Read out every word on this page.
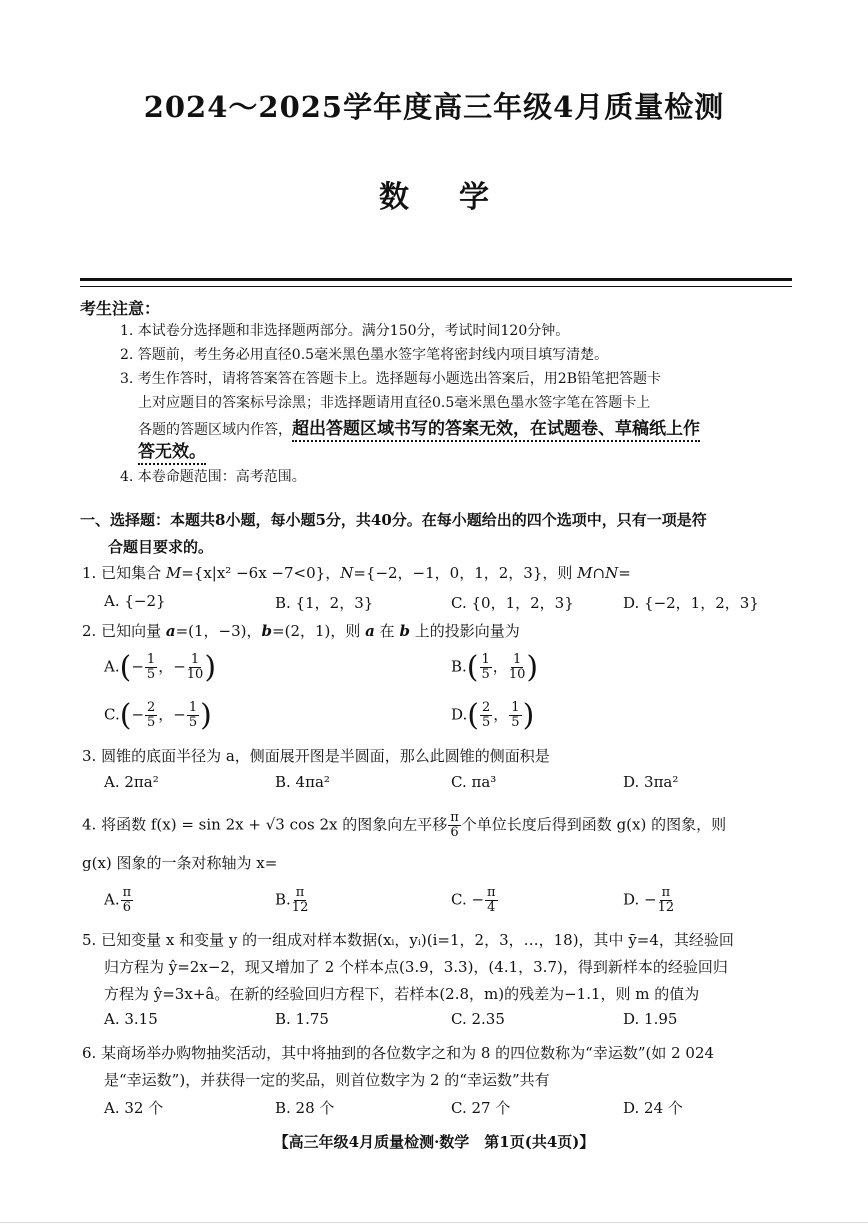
2024～2025学年度高三年级4月质量检测
数学
考生注意：
1. 本试卷分选择题和非选择题两部分。满分150分，考试时间120分钟。
2. 答题前，考生务必用直径0.5毫米黑色墨水签字笔将密封线内项目填写清楚。
3. 考生作答时，请将答案答在答题卡上。选择题每小题选出答案后，用2B铅笔把答题卡
上对应题目的答案标号涂黑；非选择题请用直径0.5毫米黑色墨水签字笔在答题卡上
各题的答题区域内作答，超出答题区域书写的答案无效，在试题卷、草稿纸上作
答无效。
4. 本卷命题范围：高考范围。
一、选择题：本题共8小题，每小题5分，共40分。在每小题给出的四个选项中，只有一项是符
合题目要求的。
1. 已知集合 M={x|x² −6x −7<0}，N={−2，−1，0，1，2，3}，则 M∩N=
A. {−2}	B. {1，2，3}	C. {0，1，2，3}	D. {−2，1，2，3}
2. 已知向量 a=(1，−3)，b=(2，1)，则 a 在 b 上的投影向量为
$A.(- \frac{1}{5}$ ，− $\frac{1}{10}$ )	$B.( \frac{1}{5}$ ， $\frac{1}{10}$ )
$C.(- \frac{2}{5}$ ，− $\frac{1}{5}$ )	$D.( \frac{2}{5}$ ， $\frac{1}{5}$ )
3. 圆锥的底面半径为 a，侧面展开图是半圆面，那么此圆锥的侧面积是
A. 2πa²	B. 4πa²	C. πa³	D. 3πa²
4. 将函数 f(x) = sin 2x + √3 cos 2x 的图象向左平移 $\frac{\pi}{6}$ 个单位长度后得到函数 g(x) 的图象，则
g(x) 图象的一条对称轴为 x=
A. $\frac{\pi}{6}$	B. $\frac{\pi}{12}$	C. − $\frac{\pi}{4}$	D. − $\frac{\pi}{12}$
5. 已知变量 x 和变量 y 的一组成对样本数据(xᵢ，yᵢ)(i=1，2，3，…，18)，其中 ȳ=4，其经验回
归方程为 ŷ=2x−2，现又增加了 2 个样本点(3.9，3.3)，(4.1，3.7)，得到新样本的经验回归
方程为 ŷ=3x+â。在新的经验回归方程下，若样本(2.8，m)的残差为−1.1，则 m 的值为
A. 3.15	B. 1.75	C. 2.35	D. 1.95
6. 某商场举办购物抽奖活动，其中将抽到的各位数字之和为 8 的四位数称为“幸运数”(如 2 024
是“幸运数”)，并获得一定的奖品，则首位数字为 2 的“幸运数”共有
A. 32 个	B. 28 个	C. 27 个	D. 24 个
【高三年级4月质量检测·数学　第1页(共4页)】
